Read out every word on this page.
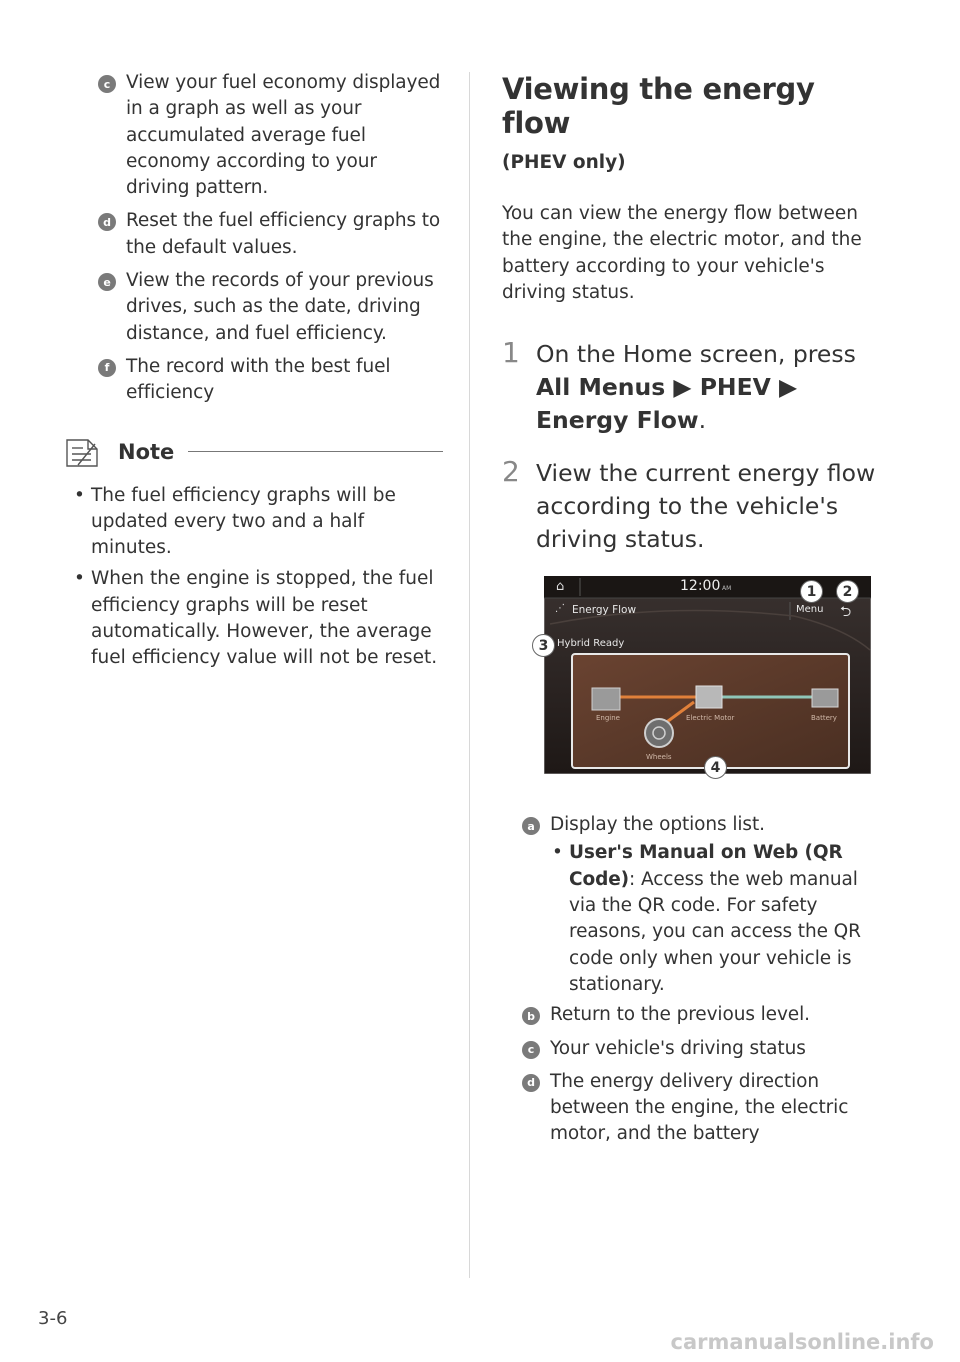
c View your fuel economy displayed in a graph as well as your accumulated average fuel economy according to your driving pattern.
d Reset the fuel efficiency graphs to the default values.
e View the records of your previous drives, such as the date, driving distance, and fuel efficiency.
f The record with the best fuel efficiency
Note
• The fuel efficiency graphs will be updated every two and a half minutes.
• When the engine is stopped, the fuel efficiency graphs will be reset automatically. However, the average fuel efficiency value will not be reset.
Viewing the energy flow
(PHEV only)
You can view the energy flow between the engine, the electric motor, and the battery according to your vehicle's driving status.
1 On the Home screen, press All Menus ▶ PHEV ▶ Energy Flow.
2 View the current energy flow according to the vehicle's driving status.
⌂	12:00 AM
⋰ Energy Flow	Menu ⮌
Hybrid Ready
Engine	Electric Motor	Battery
Wheels
1	2
3
4
a Display the options list.
• User's Manual on Web (QR Code): Access the web manual via the QR code. For safety reasons, you can access the QR code only when your vehicle is stationary.
b Return to the previous level.
c Your vehicle's driving status
d The energy delivery direction between the engine, the electric motor, and the battery
3-6
carmanualsonline.info
